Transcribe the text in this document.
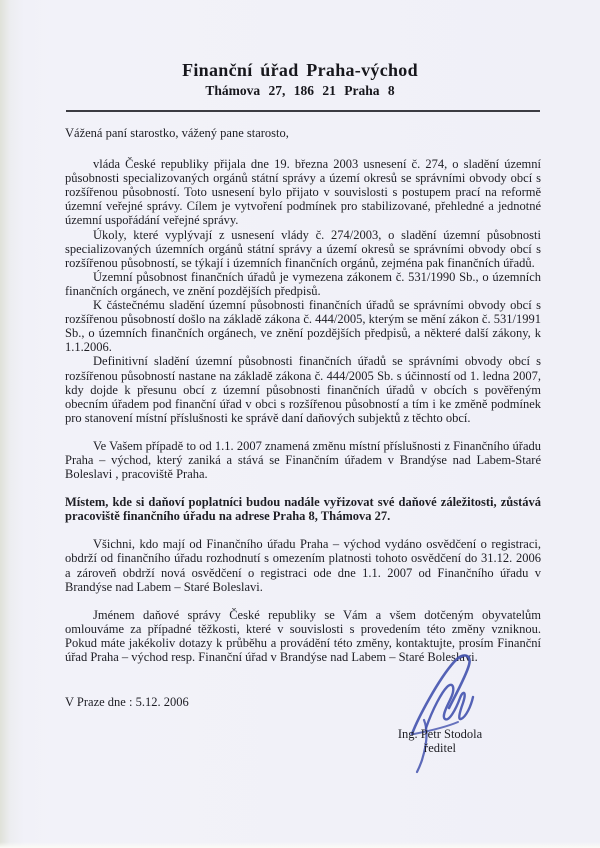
Finanční úřad Praha-východ
Thámova 27, 186 21 Praha 8
Vážená paní starostko, vážený pane starosto,

vláda České republiky přijala dne 19. března 2003 usnesení č. 274, o sladění územní působnosti specializovaných orgánů státní správy a území okresů se správními obvody obcí s rozšířenou působností. Toto usnesení bylo přijato v souvislosti s postupem prací na reformě územní veřejné správy. Cílem je vytvoření podmínek pro stabilizované, přehledné a jednotné územní uspořádání veřejné správy.

Úkoly, které vyplývají z usnesení vlády č. 274/2003, o sladění územní působnosti specializovaných územních orgánů státní správy a území okresů se správními obvody obcí s rozšířenou působností, se týkají i územních finančních orgánů, zejména pak finančních úřadů.

Územní působnost finančních úřadů je vymezena zákonem č. 531/1990 Sb., o územních finančních orgánech, ve znění pozdějších předpisů.

K částečnému sladění územní působnosti finančních úřadů se správními obvody obcí s rozšířenou působností došlo na základě zákona č. 444/2005, kterým se mění zákon č. 531/1991 Sb., o územních finančních orgánech, ve znění pozdějších předpisů, a některé další zákony, k 1.1.2006.

Definitivní sladění územní působnosti finančních úřadů se správními obvody obcí s rozšířenou působností nastane na základě zákona č. 444/2005 Sb. s účinností od 1. ledna 2007, kdy dojde k přesunu obcí z územní působnosti finančních úřadů v obcích s pověřeným obecním úřadem pod finanční úřad v obci s rozšířenou působností a tím i ke změně podmínek pro stanovení místní příslušnosti ke správě daní daňových subjektů z těchto obcí.

Ve Vašem případě to od 1.1. 2007 znamená změnu místní příslušnosti z Finančního úřadu Praha – východ, který zaniká a stává se Finančním úřadem v Brandýse nad Labem-Staré Boleslavi , pracoviště Praha.

Místem, kde si daňoví poplatníci budou nadále vyřizovat své daňové záležitosti, zůstává pracoviště finančního úřadu na adrese Praha 8, Thámova 27.

Všichni, kdo mají od Finančního úřadu Praha – východ vydáno osvědčení o registraci, obdrží od finančního úřadu rozhodnutí s omezením platnosti tohoto osvědčení do 31.12. 2006 a zároveň obdrží nová osvědčení o registraci ode dne 1.1. 2007 od Finančního úřadu v Brandýse nad Labem – Staré Boleslavi.

Jménem daňové správy České republiky se Vám a všem dotčeným obyvatelům omlouváme za případné těžkosti, které v souvislosti s provedením této změny vzniknou. Pokud máte jakékoliv dotazy k průběhu a provádění této změny, kontaktujte, prosím Finanční úřad Praha – východ resp. Finanční úřad v Brandýse nad Labem – Staré Boleslavi.

V Praze dne : 5.12. 2006
Ing. Petr Stodola
ředitel
